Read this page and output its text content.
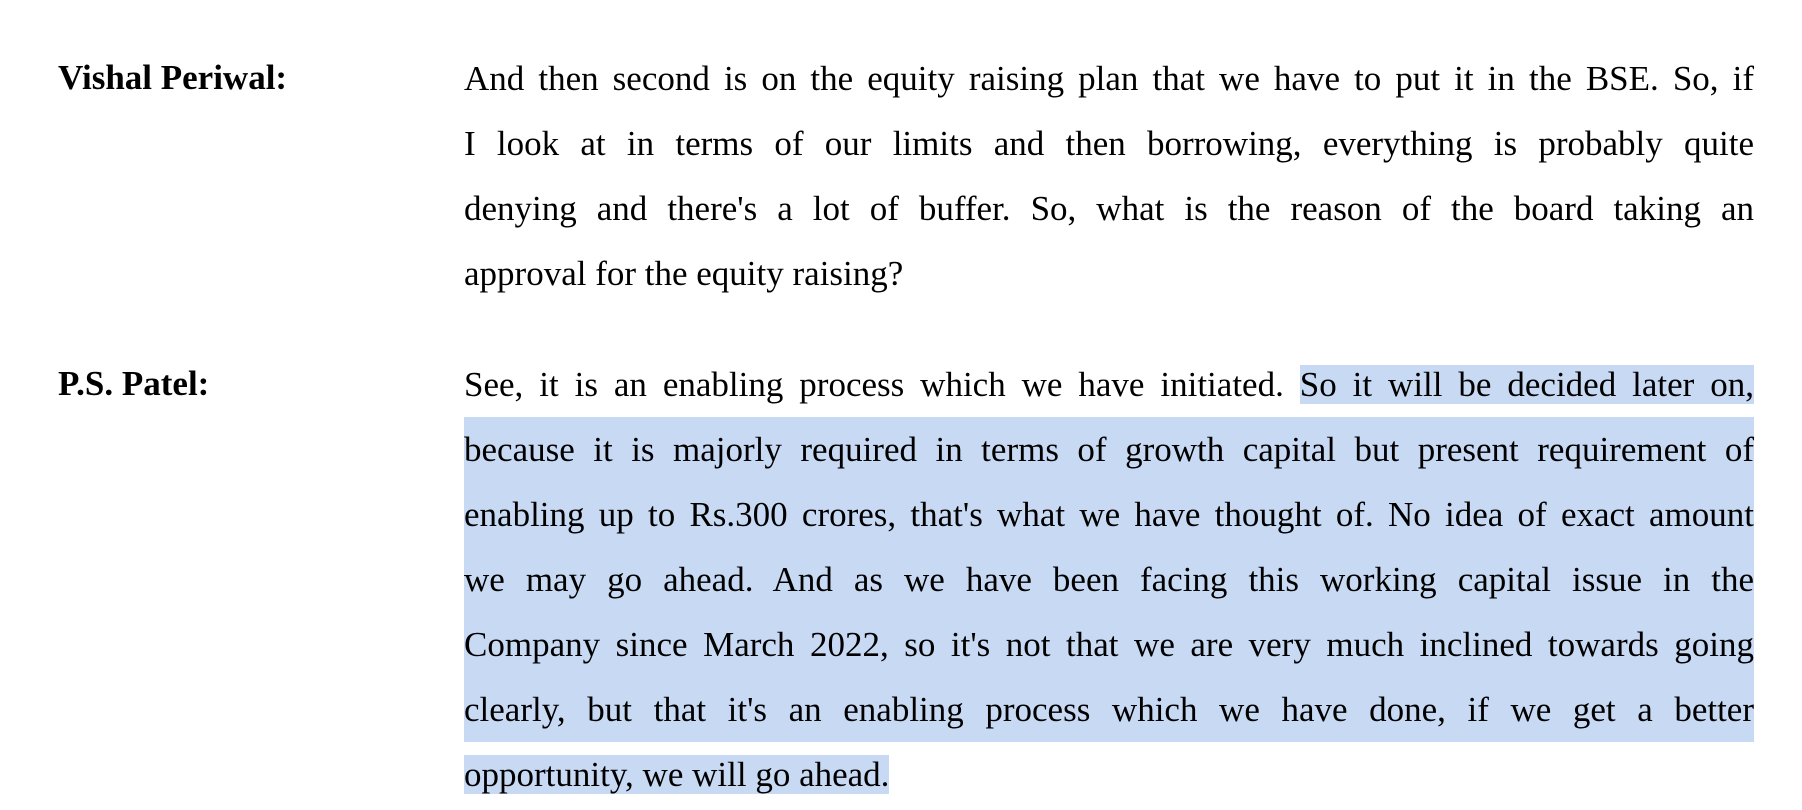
Vishal Periwal:	And then second is on the equity raising plan that we have to put it in the BSE. So, if
I look at in terms of our limits and then borrowing, everything is probably quite
denying and there's a lot of buffer. So, what is the reason of the board taking an
approval for the equity raising?
P.S. Patel:	See, it is an enabling process which we have initiated. So it will be decided later on,
because it is majorly required in terms of growth capital but present requirement of
enabling up to Rs.300 crores, that's what we have thought of. No idea of exact amount
we may go ahead. And as we have been facing this working capital issue in the
Company since March 2022, so it's not that we are very much inclined towards going
clearly, but that it's an enabling process which we have done, if we get a better
opportunity, we will go ahead.
